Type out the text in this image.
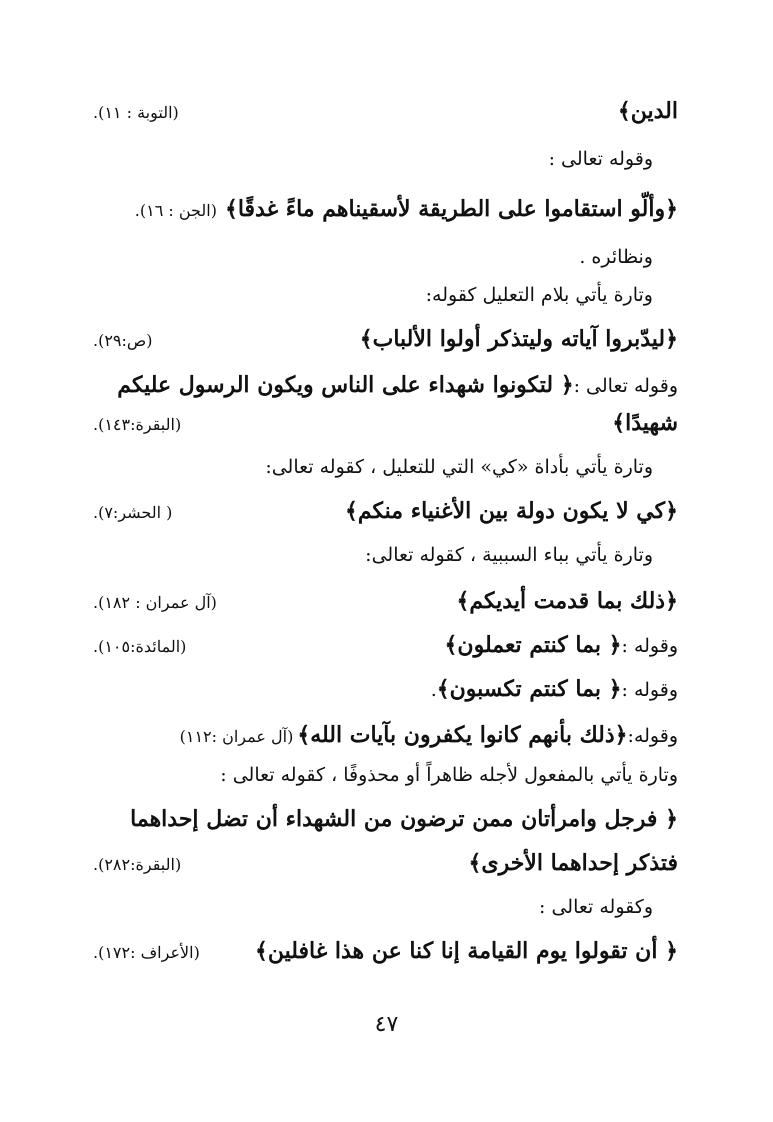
الدين﴾
(التوبة : ١١).
وقوله تعالى :
﴿وألّو استقاموا على الطريقة لأسقيناهم ماءً غدقًا﴾
(الجن : ١٦).
ونظائره .
وتارة يأتي بلام التعليل كقوله:
﴿ليدّبروا آياته وليتذكر أولوا الألباب﴾
(ص:٢٩).
وقوله تعالى :
﴿ لتكونوا شهداء على الناس ويكون الرسول عليكم
شهيدًا﴾
(البقرة:١٤٣).
وتارة يأتي بأداة «كي» التي للتعليل ، كقوله تعالى:
﴿كي لا يكون دولة بين الأغنياء منكم﴾
( الحشر:٧).
وتارة يأتي بباء السببية ، كقوله تعالى:
﴿ذلك بما قدمت أيديكم﴾
(آل عمران : ١٨٢).
وقوله :
﴿ بما كنتم تعملون﴾
(المائدة:١٠٥).
وقوله :
﴿ بما كنتم تكسبون﴾
.
وقوله:
﴿ذلك بأنهم كانوا يكفرون بآيات الله﴾
(آل عمران :١١٢)
وتارة يأتي بالمفعول لأجله ظاهراً أو محذوفًا ، كقوله تعالى :
﴿ فرجل وامرأتان ممن ترضون من الشهداء أن تضل إحداهما
فتذكر إحداهما الأخرى﴾
(البقرة:٢٨٢).
وكقوله تعالى :
﴿ أن تقولوا يوم القيامة إنا كنا عن هذا غافلين﴾
(الأعراف :١٧٢).
٤٧
